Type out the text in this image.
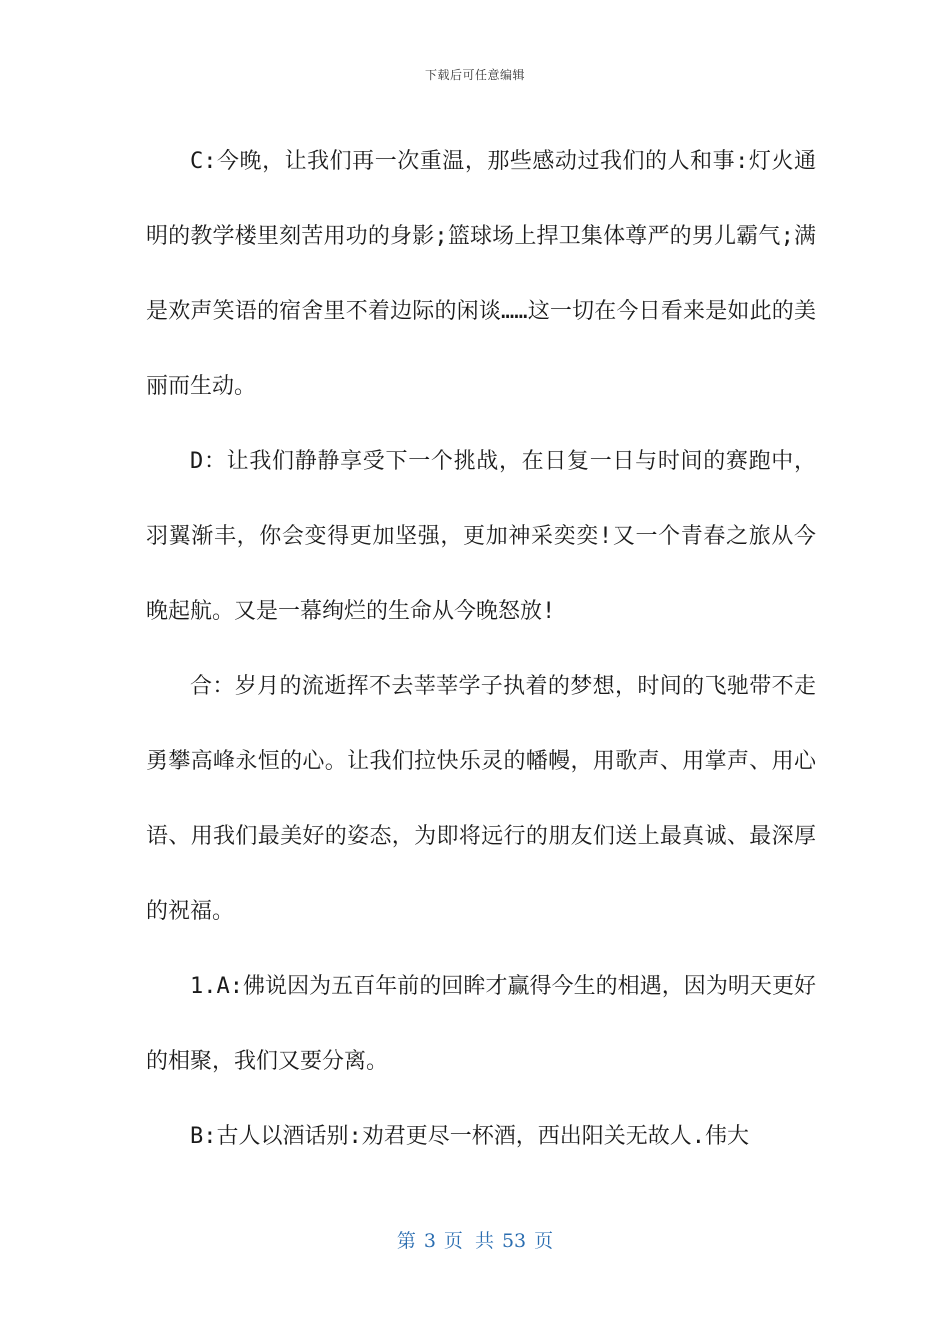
下载后可任意编辑

C:今晚，让我们再一次重温，那些感动过我们的人和事:灯火通明的教学楼里刻苦用功的身影;篮球场上捍卫集体尊严的男儿霸气;满是欢声笑语的宿舍里不着边际的闲谈……这一切在今日看来是如此的美丽而生动。

D：让我们静静享受下一个挑战，在日复一日与时间的赛跑中，羽翼渐丰，你会变得更加坚强，更加神采奕奕!又一个青春之旅从今晚起航。又是一幕绚烂的生命从今晚怒放!

合：岁月的流逝挥不去莘莘学子执着的梦想，时间的飞驰带不走勇攀高峰永恒的心。让我们拉快乐灵的幡幔，用歌声、用掌声、用心语、用我们最美好的姿态，为即将远行的朋友们送上最真诚、最深厚的祝福。

1.A:佛说因为五百年前的回眸才赢得今生的相遇，因为明天更好的相聚，我们又要分离。

B:古人以酒话别:劝君更尽一杯酒，西出阳关无故人.伟大

第 3 页 共 53 页
